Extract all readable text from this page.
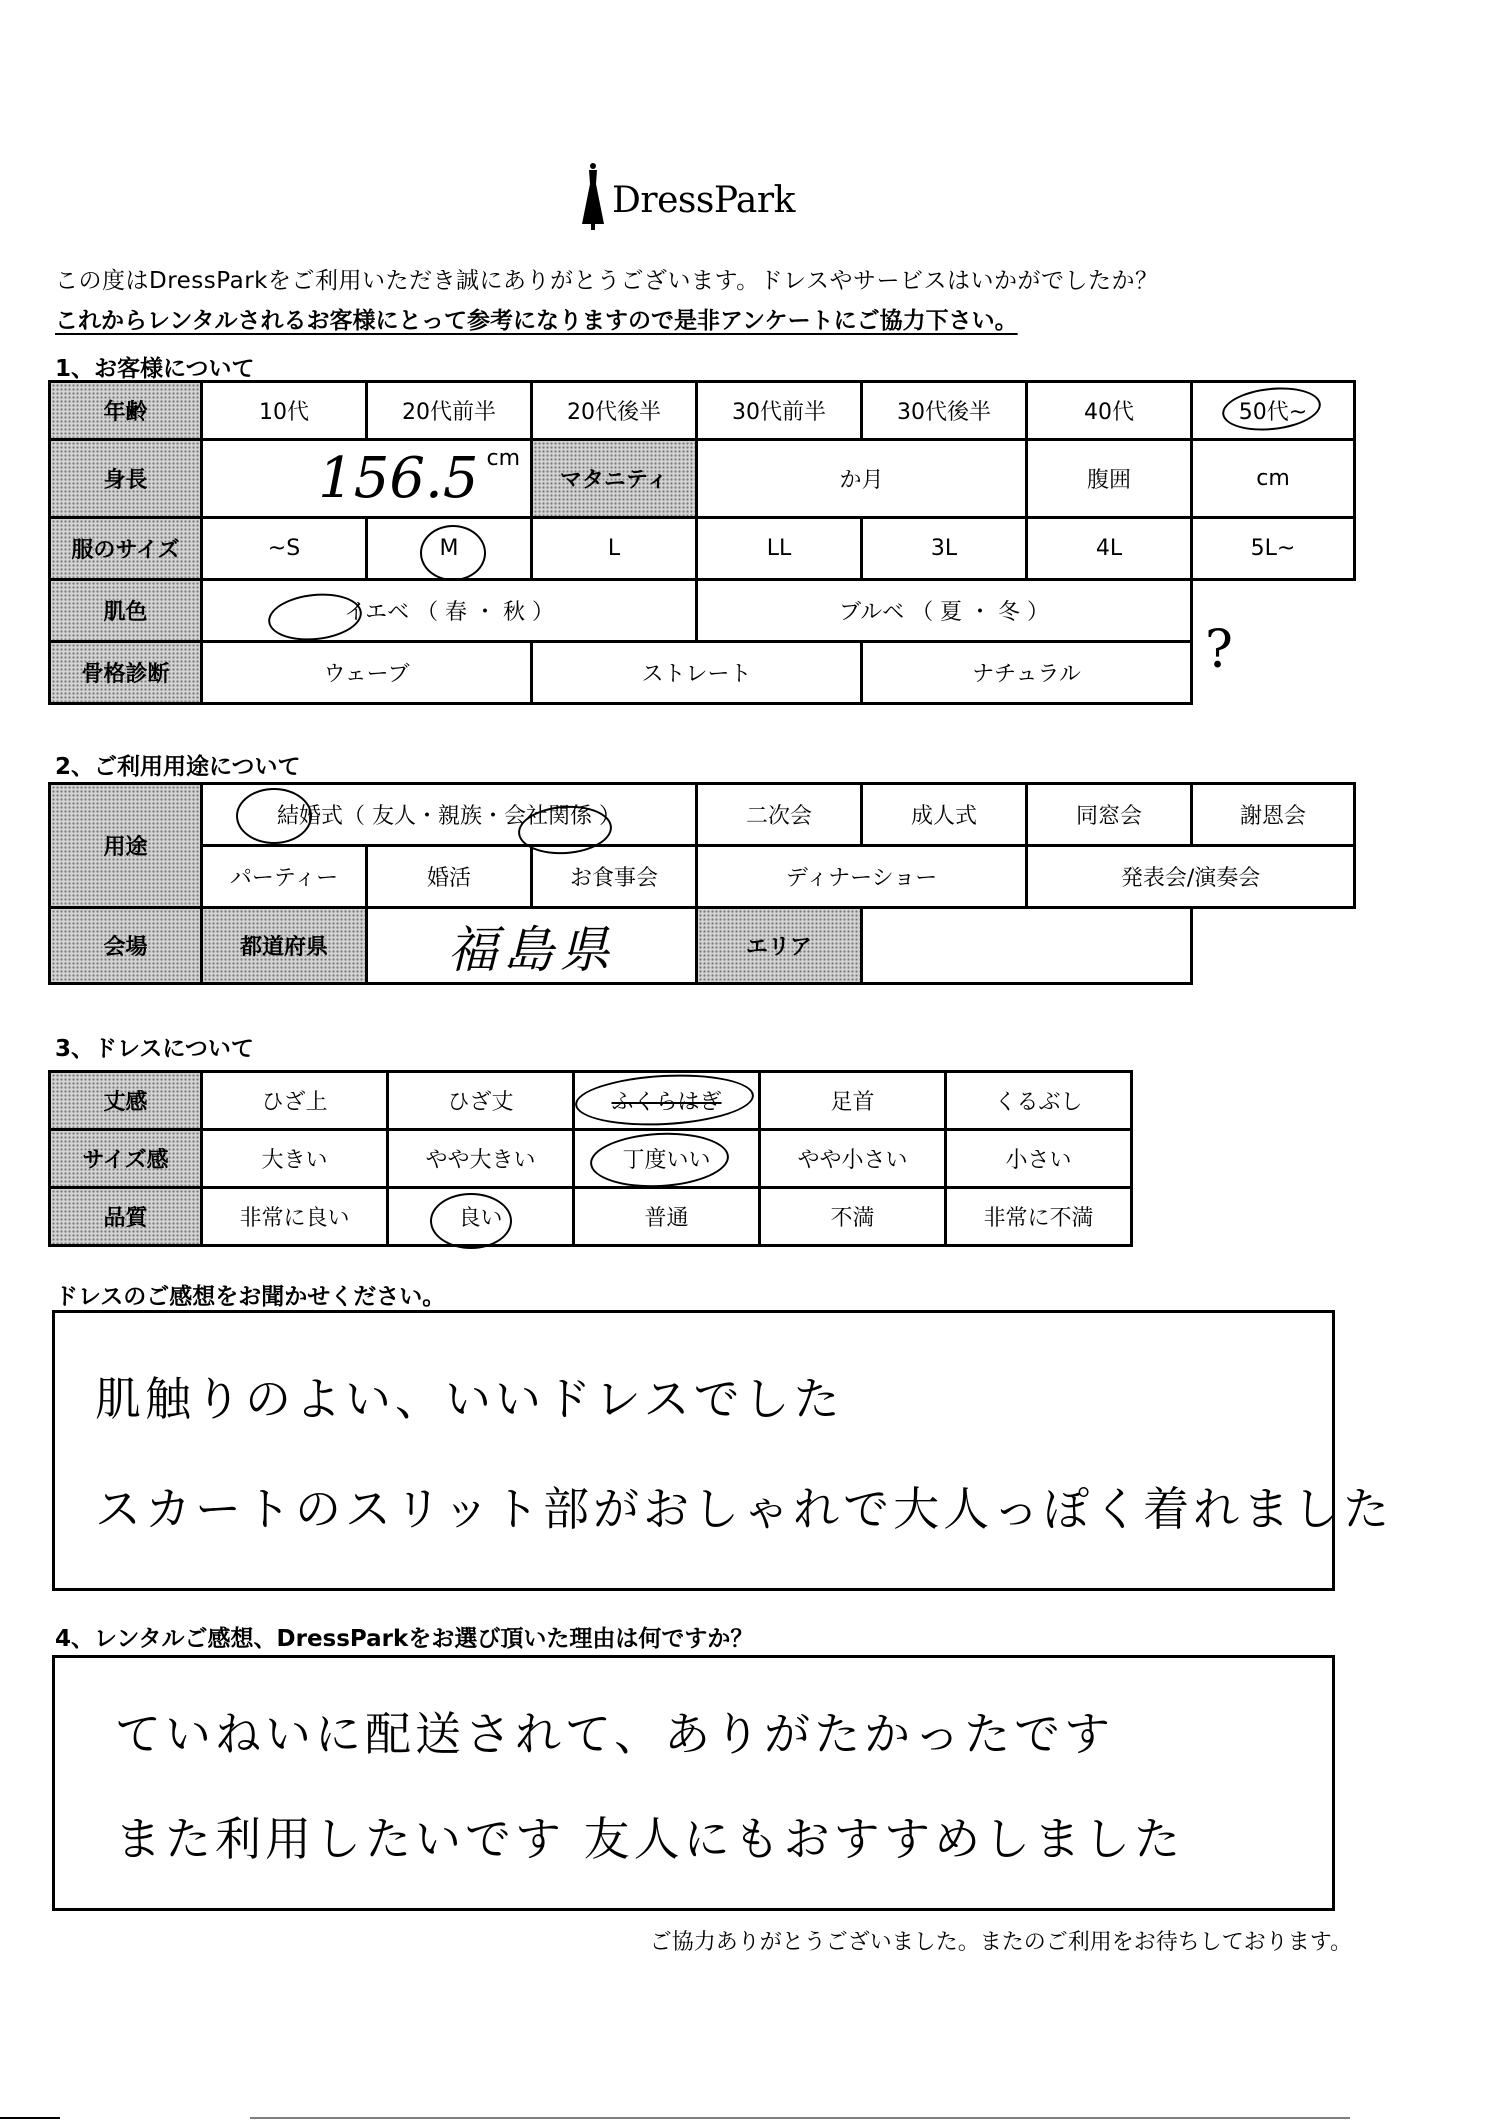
DressPark
この度はDressParkをご利用いただき誠にありがとうございます。ドレスやサービスはいかがでしたか？
これからレンタルされるお客様にとって参考になりますので是非アンケートにご協力下さい。
1、お客様について
年齢	10代	20代前半	20代後半	30代前半	30代後半	40代	50代~
身長	156.5 cm		マタニティ	か月		腹囲	cm
服のサイズ	~S	M	L	LL	3L	4L	5L~
肌色	イエベ （ 春 ・ 秋 ）			ブルベ （ 夏 ・ 冬 ）			
骨格診断	ウェーブ		ストレート		ナチュラル		?
2、ご利用用途について
用途	結婚式（ 友人・親族・会社関係 ）			二次会	成人式	同窓会	謝恩会
	パーティー	婚活	お食事会	ディナーショー		発表会/演奏会	
会場	都道府県	福島県		エリア			
3、ドレスについて
丈感	ひざ上	ひざ丈	ふくらはぎ	足首	くるぶし
サイズ感	大きい	やや大きい	丁度いい	やや小さい	小さい
品質	非常に良い	良い	普通	不満	非常に不満
ドレスのご感想をお聞かせください。
肌触りのよい、いいドレスでした
スカートのスリット部がおしゃれで大人っぽく着れました
4、レンタルご感想、DressParkをお選び頂いた理由は何ですか？
ていねいに配送されて、ありがたかったです
また利用したいです 友人にもおすすめしました
ご協力ありがとうございました。またのご利用をお待ちしております。
